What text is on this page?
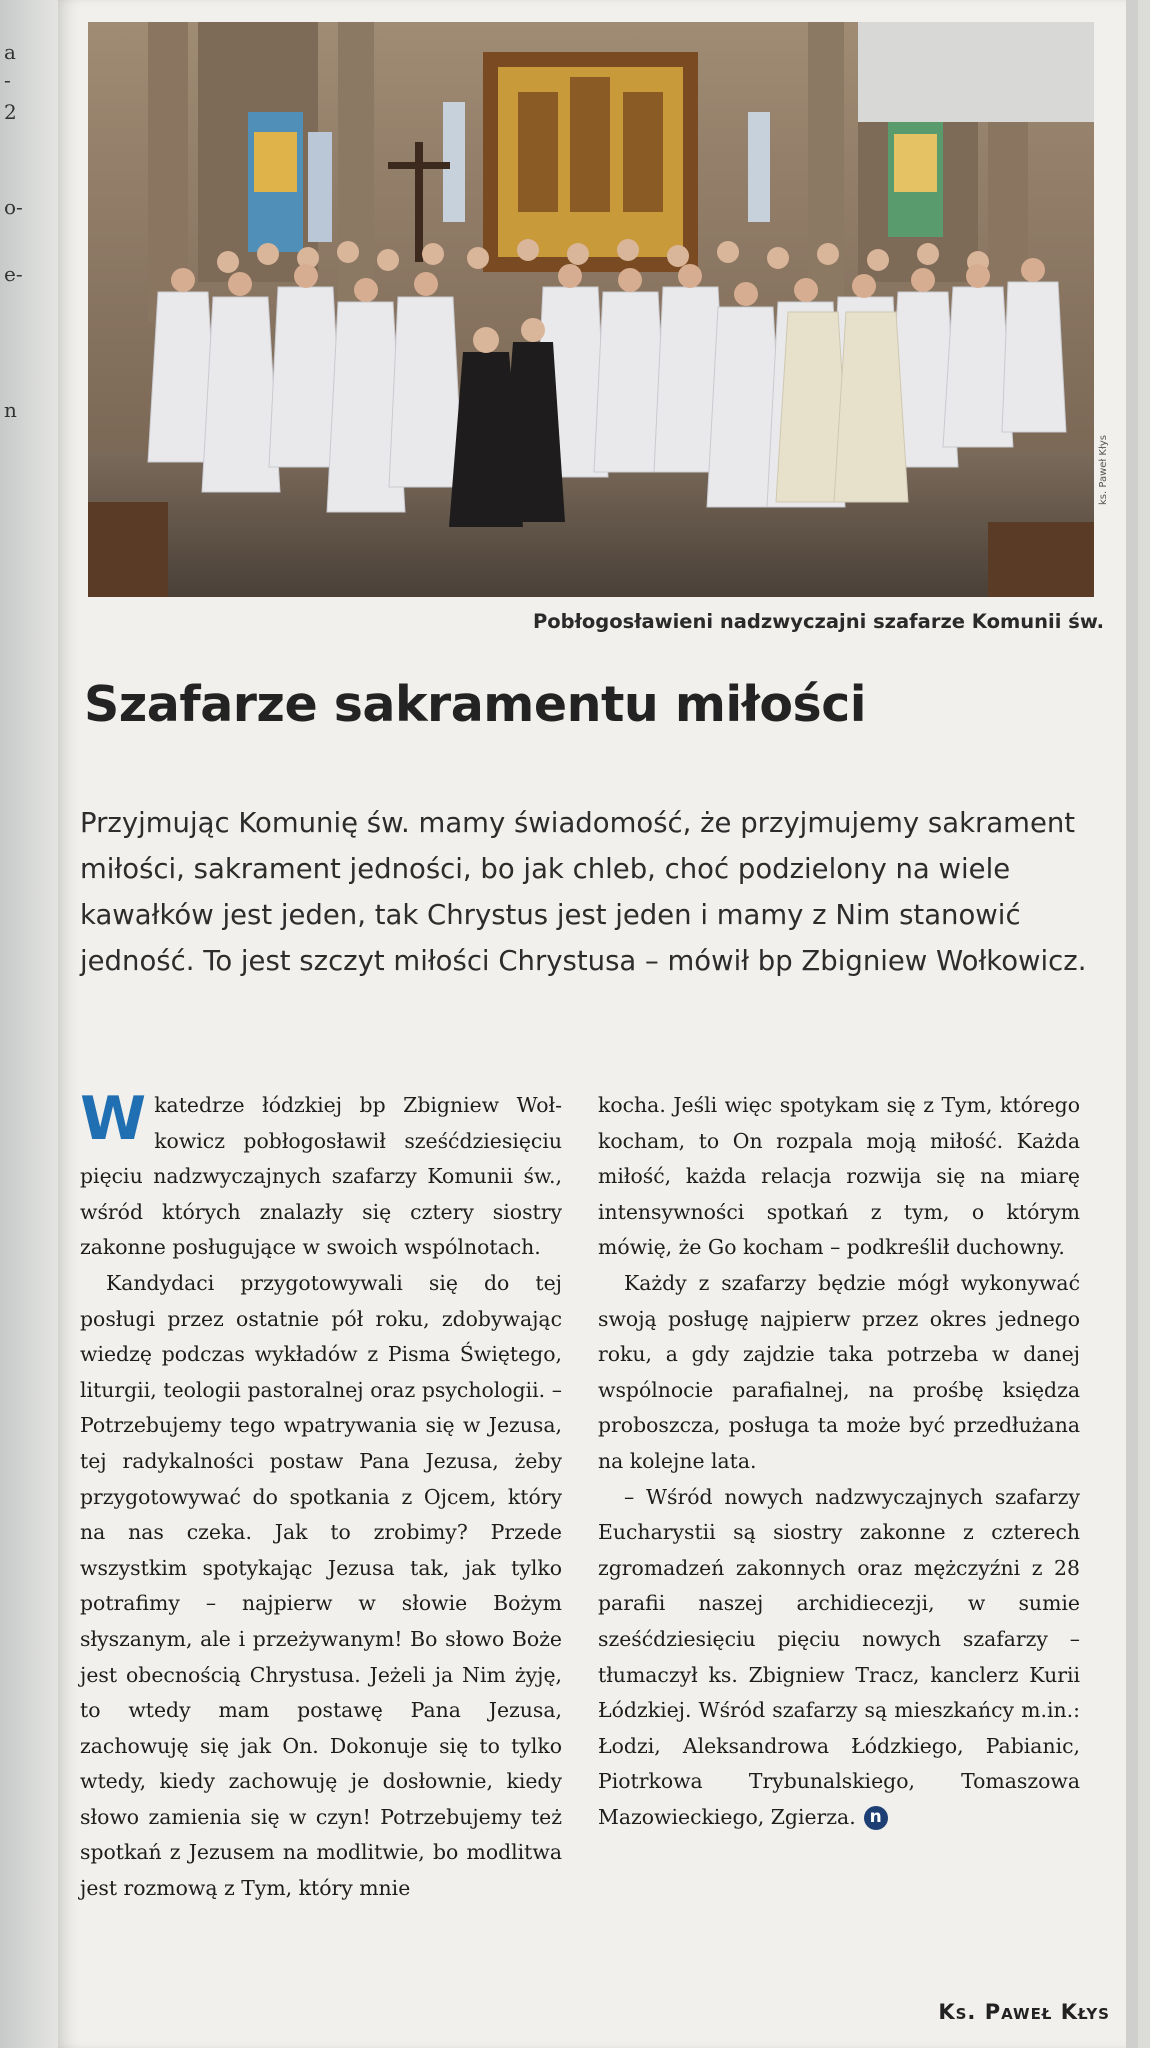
a
-
2
o-
e-
n
ks. Paweł Kłys
Pobłogosławieni nadzwyczajni szafarze Komunii św.
Szafarze sakramentu miłości

Przyjmując Komunię św. mamy świadomość, że przyjmujemy sakrament miłości, sakrament jedności, bo jak chleb, choć podzielony na wiele kawałków jest jeden, tak Chrystus jest jeden i mamy z Nim stanowić jedność. To jest szczyt miłości Chrystusa – mówił bp Zbigniew Wołkowicz.

Wkatedrze łódzkiej bp Zbigniew Wołkowicz pobłogosławił sześćdziesięciu pięciu nadzwyczajnych szafarzy Komunii św., wśród których znalazły się cztery siostry zakonne posługujące w swoich wspólnotach.

Kandydaci przygotowywali się do tej posługi przez ostatnie pół roku, zdobywając wiedzę podczas wykładów z Pisma Świętego, liturgii, teologii pastoralnej oraz psychologii. – Potrzebujemy tego wpatrywania się w Jezusa, tej radykalności postaw Pana Jezusa, żeby przygotowywać do spotkania z Ojcem, który na nas czeka. Jak to zrobimy? Przede wszystkim spotykając Jezusa tak, jak tylko potrafimy – najpierw w słowie Bożym słyszanym, ale i przeżywanym! Bo słowo Boże jest obecnością Chrystusa. Jeżeli ja Nim żyję, to wtedy mam postawę Pana Jezusa, zachowuję się jak On. Dokonuje się to tylko wtedy, kiedy zachowuję je dosłownie, kiedy słowo zamienia się w czyn! Potrzebujemy też spotkań z Jezusem na modlitwie, bo modlitwa jest rozmową z Tym, który mnie

kocha. Jeśli więc spotykam się z Tym, którego kocham, to On rozpala moją miłość. Każda miłość, każda relacja rozwija się na miarę intensywności spotkań z tym, o którym mówię, że Go kocham – podkreślił duchowny.

Każdy z szafarzy będzie mógł wykonywać swoją posługę najpierw przez okres jednego roku, a gdy zajdzie taka potrzeba w danej wspólnocie parafialnej, na prośbę księdza proboszcza, posługa ta może być przedłużana na kolejne lata.

– Wśród nowych nadzwyczajnych szafarzy Eucharystii są siostry zakonne z czterech zgromadzeń zakonnych oraz mężczyźni z 28 parafii naszej archidiecezji, w sumie sześćdziesięciu pięciu nowych szafarzy – tłumaczył ks. Zbigniew Tracz, kanclerz Kurii Łódzkiej. Wśród szafarzy są mieszkańcy m.in.: Łodzi, Aleksandrowa Łódzkiego, Pabianic, Piotrkowa Trybunalskiego, Tomaszowa Mazowieckiego, Zgierza. n

Ks. Paweł Kłys
